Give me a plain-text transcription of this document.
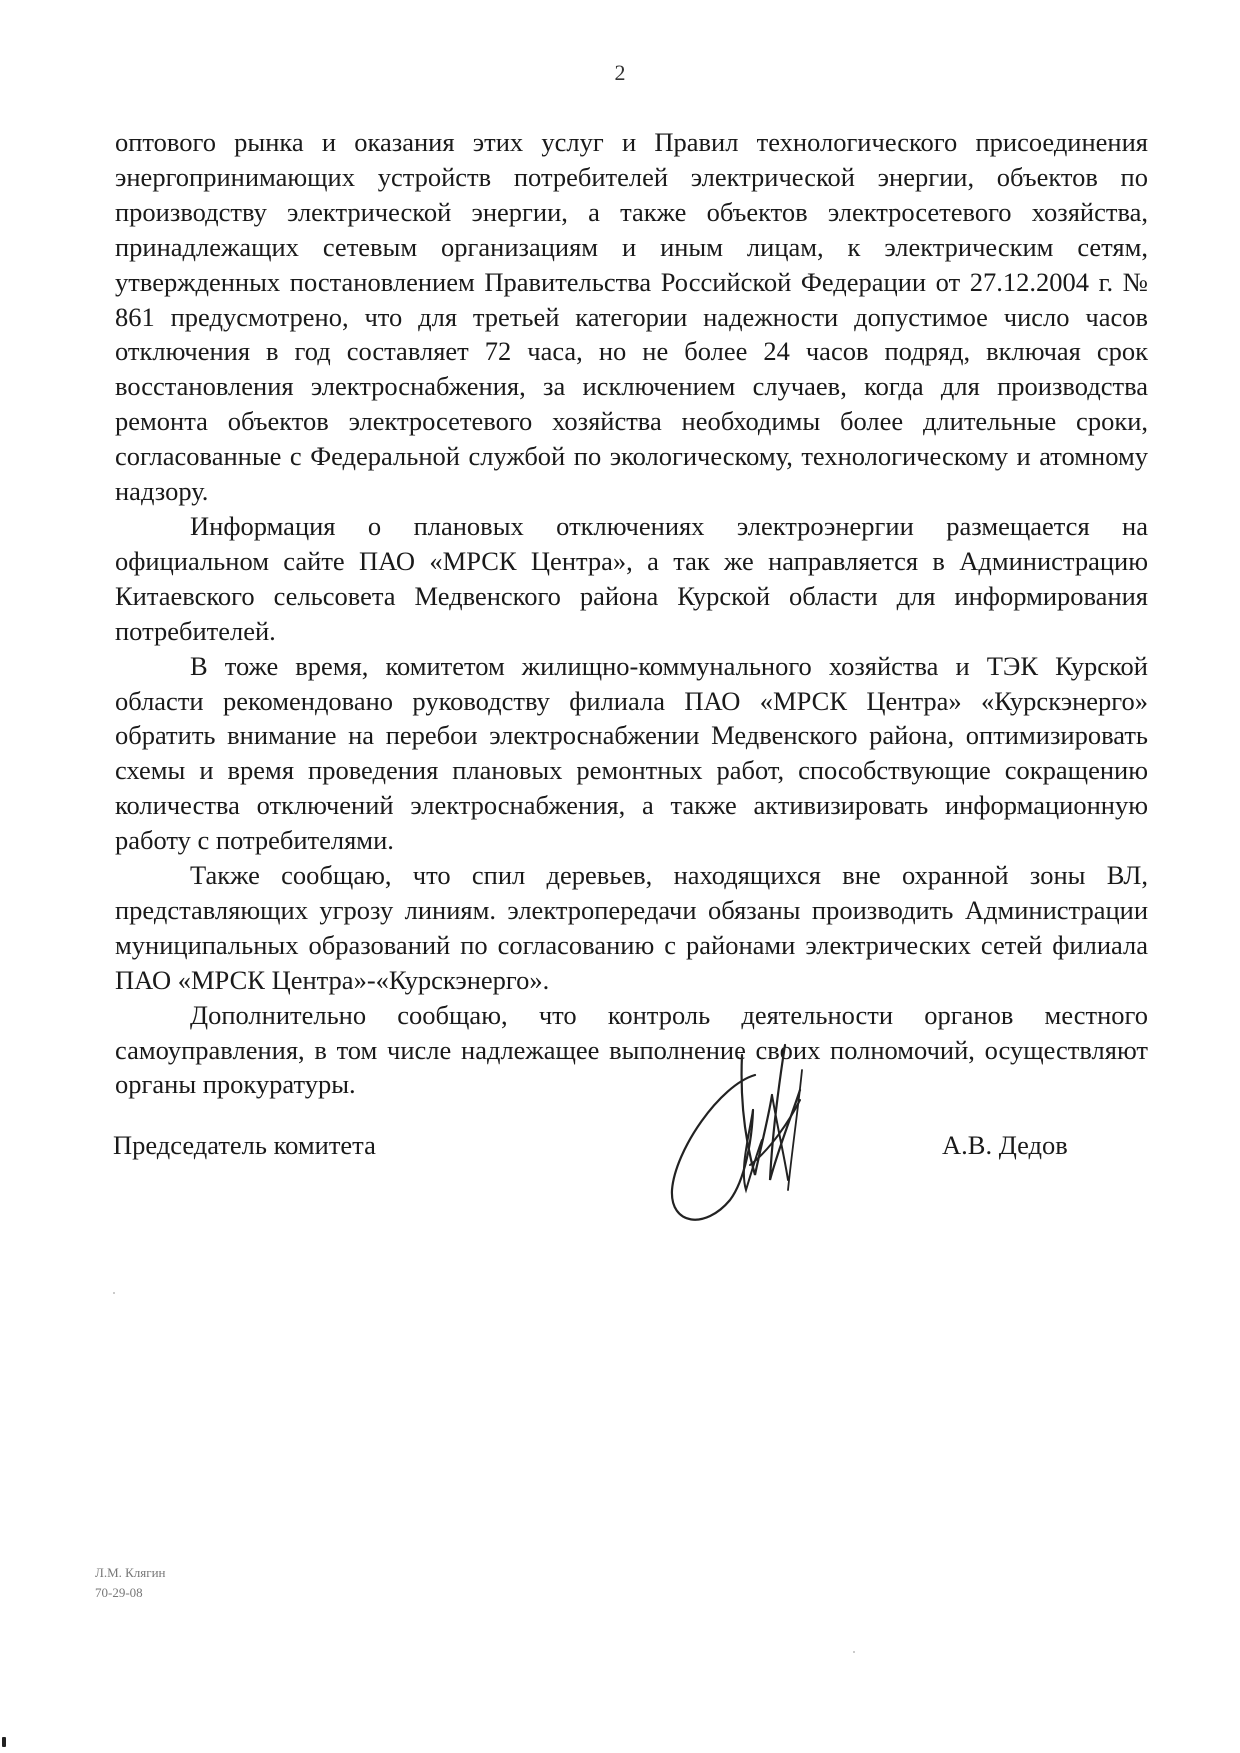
2

оптового рынка и оказания этих услуг и Правил технологического присоединения энергопринимающих устройств потребителей электрической энергии, объектов по производству электрической энергии, а также объектов электросетевого хозяйства, принадлежащих сетевым организациям и иным лицам, к электрическим сетям, утвержденных постановлением Правительства Российской Федерации от 27.12.2004 г. № 861 предусмотрено, что для третьей категории надежности допустимое число часов отключения в год составляет 72 часа, но не более 24 часов подряд, включая срок восстановления электроснабжения, за исключением случаев, когда для производства ремонта объектов электросетевого хозяйства необходимы более длительные сроки, согласованные с Федеральной службой по экологическому, технологическому и атомному надзору.

Информация о плановых отключениях электроэнергии размещается на официальном сайте ПАО «МРСК Центра», а так же направляется в Администрацию Китаевского сельсовета Медвенского района Курской области для информирования потребителей.

В тоже время, комитетом жилищно-коммунального хозяйства и ТЭК Курской области рекомендовано руководству филиала ПАО «МРСК Центра» «Курскэнерго» обратить внимание на перебои электроснабжении Медвенского района, оптимизировать схемы и время проведения плановых ремонтных работ, способствующие сокращению количества отключений электроснабжения, а также активизировать информационную работу с потребителями.

Также сообщаю, что спил деревьев, находящихся вне охранной зоны ВЛ, представляющих угрозу линиям. электропередачи обязаны производить Администрации муниципальных образований по согласованию с районами электрических сетей филиала ПАО «МРСК Центра»-«Курскэнерго».

Дополнительно сообщаю, что контроль деятельности органов местного самоуправления, в том числе надлежащее выполнение своих полномочий, осуществляют органы прокуратуры.

Председатель комитета	А.В. Дедов
Л.М. Клягин
70-29-08
